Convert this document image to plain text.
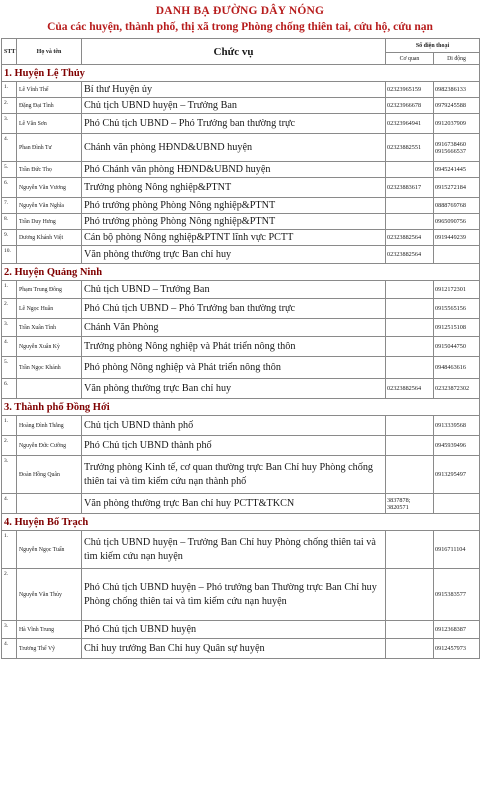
DANH BẠ ĐƯỜNG DÂY NÓNG
Của các huyện, thành phố, thị xã trong Phòng chống thiên tai, cứu hộ, cứu nạn
STT	Họ và tên	Chức vụ	Số điện thoại	
			Cơ quan	Di động
1. Huyện Lệ Thủy				
1.	Lê Vĩnh Thế	Bí thư Huyện ủy	02323965159	0982386133
2.	Đặng Đại Tình	Chủ tịch UBND huyện – Trưởng Ban	02323966678	0979245588
3.	Lê Văn Sơn	Phó Chủ tịch UBND – Phó Trưởng ban thường trực	02323964941	0912037909
4.	Phan Đình Tư	Chánh văn phòng HĐND&UBND huyện	02323882551	0916738460
0915666537
5.	Trần Đức Thọ	Phó Chánh văn phòng HĐND&UBND huyện		0945241445
6.	Nguyễn Văn Vương	Trưởng phòng Nông nghiệp&PTNT	02323883617	0915272184
7.	Nguyễn Văn Nghĩa	Phó trưởng phòng Phòng Nông nghiệp&PTNT		0888769768
8.	Trần Duy Hưng	Phó trưởng phòng Phòng Nông nghiệp&PTNT		0965090756
9.	Dương Khánh Việt	Cán bộ phòng Nông nghiệp&PTNT lĩnh vực PCTT	02323882564	0919449239
10.		Văn phòng thường trực Ban chỉ huy	02323882564	
2. Huyện Quảng Ninh				
1.	Phạm Trung Đông	Chủ tịch UBND – Trưởng Ban		0912172301
2.	Lê Ngọc Huân	Phó Chủ tịch UBND – Phó Trưởng ban thường trực		0915565156
3.	Trần Xuân Tình	Chánh Văn Phòng		0912515108
4.	Nguyễn Xuân Kỳ	Trưởng phòng Nông nghiệp và Phát triển nông thôn		0915044750
5.	Trần Ngọc Khánh	Phó phòng Nông nghiệp và Phát triển nông thôn		0948463616
6.		Văn phòng thường trực Ban chỉ huy	02323882564	02323872302
3. Thành phố Đồng Hới				
1.	Hoàng Đình Thắng	Chủ tịch UBND thành phố		0913339568
2.	Nguyễn Đức Cường	Phó Chủ tịch UBND thành phố		0945939496
3.	Đoàn Hồng Quân	Trưởng phòng Kinh tế, cơ quan thường trực Ban Chỉ huy Phòng chống thiên tai và tìm kiếm cứu nạn thành phố		0913295497
4.		Văn phòng thường trực Ban chỉ huy PCTT&TKCN	3837878;
3820571	
4. Huyện Bố Trạch				
1.	Nguyễn Ngọc Tuấn	Chủ tịch UBND huyện – Trưởng Ban Chỉ huy Phòng chống thiên tai và tìm kiếm cứu nạn huyện		0916711104
2.	Nguyễn Văn Thủy	Phó Chủ tịch UBND huyện – Phó trưởng ban Thường trực Ban Chỉ huy Phòng chống thiên tai và tìm kiếm cứu nạn huyện		0915383577
3.	Hà Vĩnh Trung	Phó Chủ tịch UBND huyện		0912368387
4.	Trương Thế Vỹ	Chỉ huy trưởng Ban Chỉ huy Quân sự huyện		0912457973
